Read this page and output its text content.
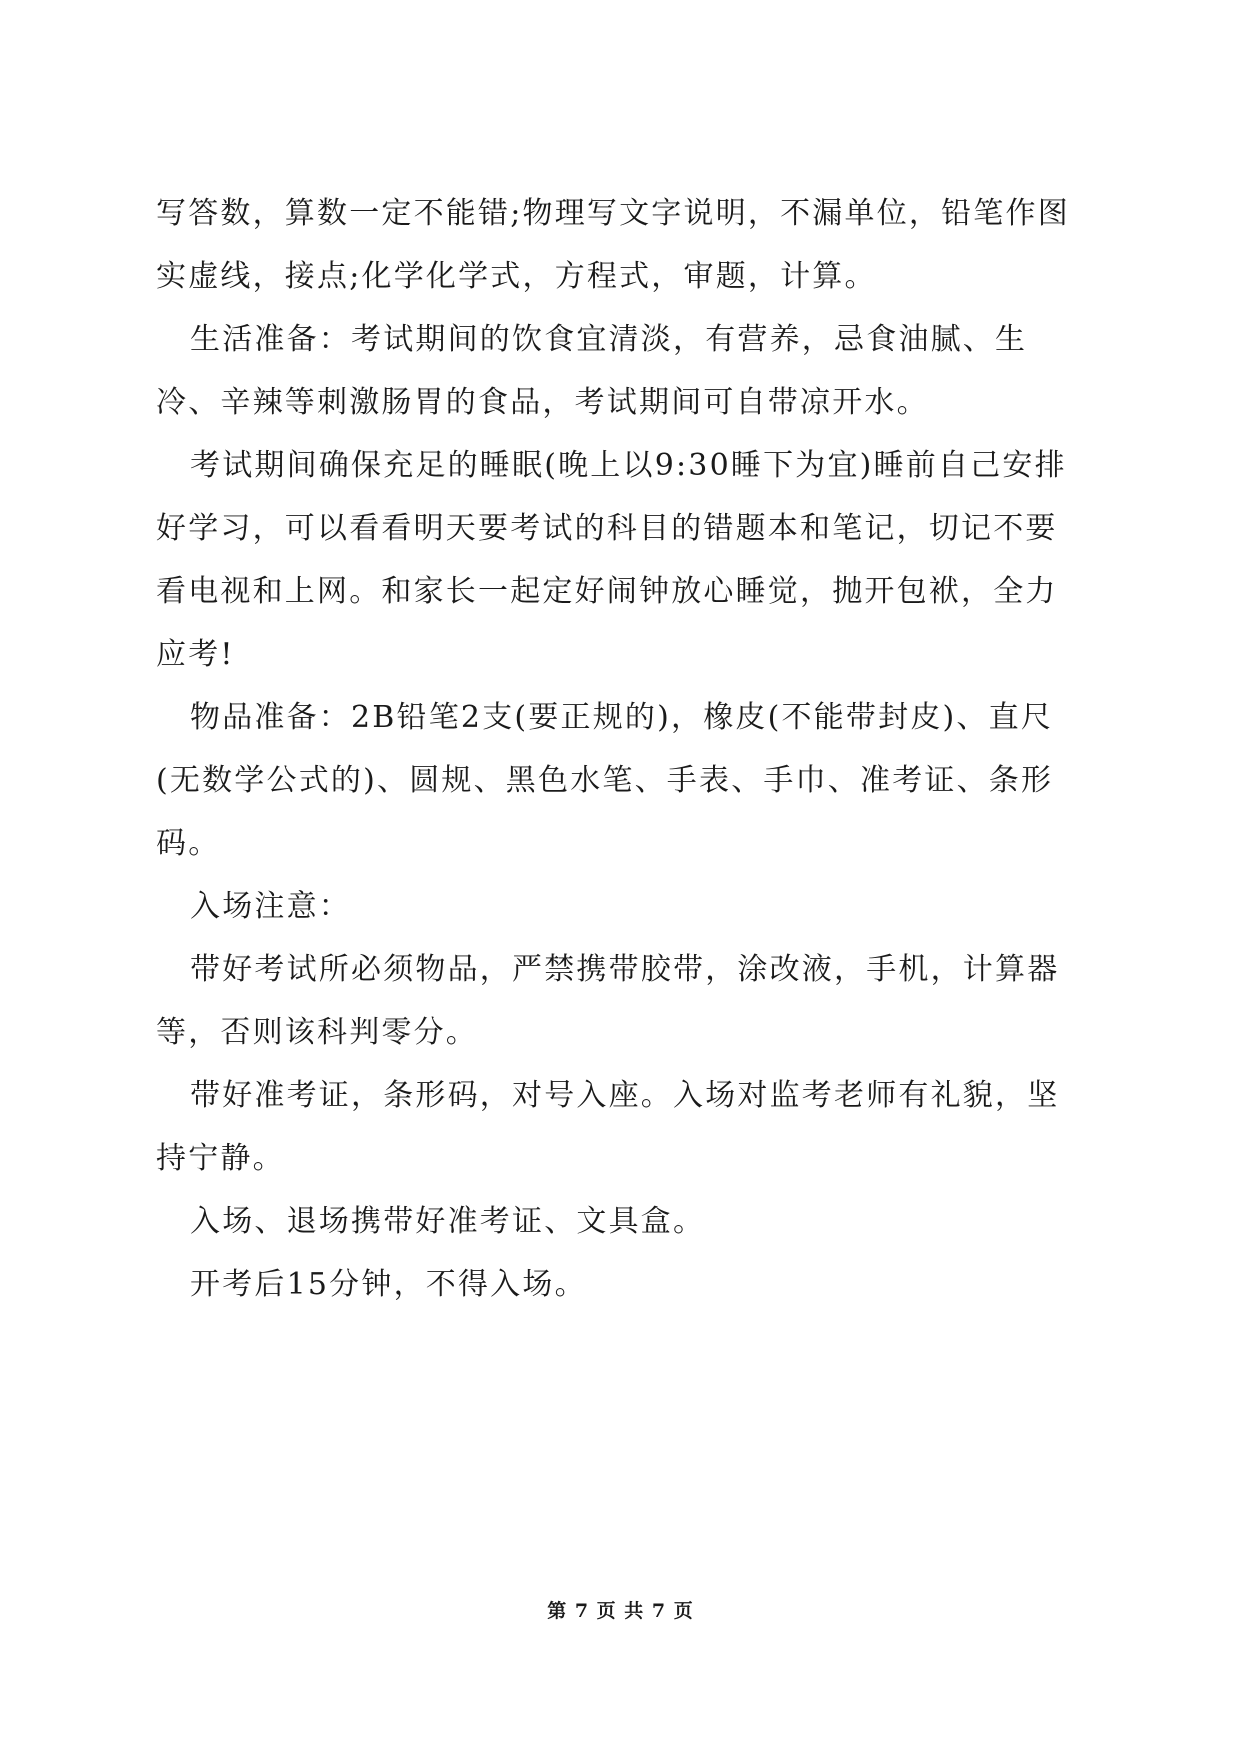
写答数，算数一定不能错;物理写文字说明，不漏单位，铅笔作图实虚线，接点;化学化学式，方程式，审题，计算。

生活准备：考试期间的饮食宜清淡，有营养，忌食油腻、生冷、辛辣等刺激肠胃的食品，考试期间可自带凉开水。

考试期间确保充足的睡眠(晚上以9:30睡下为宜)睡前自己安排好学习，可以看看明天要考试的科目的错题本和笔记，切记不要看电视和上网。和家长一起定好闹钟放心睡觉，抛开包袱，全力应考!

物品准备：2B铅笔2支(要正规的)，橡皮(不能带封皮)、直尺(无数学公式的)、圆规、黑色水笔、手表、手巾、准考证、条形码。

入场注意：

带好考试所必须物品，严禁携带胶带，涂改液，手机，计算器等，否则该科判零分。

带好准考证，条形码，对号入座。入场对监考老师有礼貌，坚持宁静。

入场、退场携带好准考证、文具盒。

开考后15分钟，不得入场。

第 7 页 共 7 页
